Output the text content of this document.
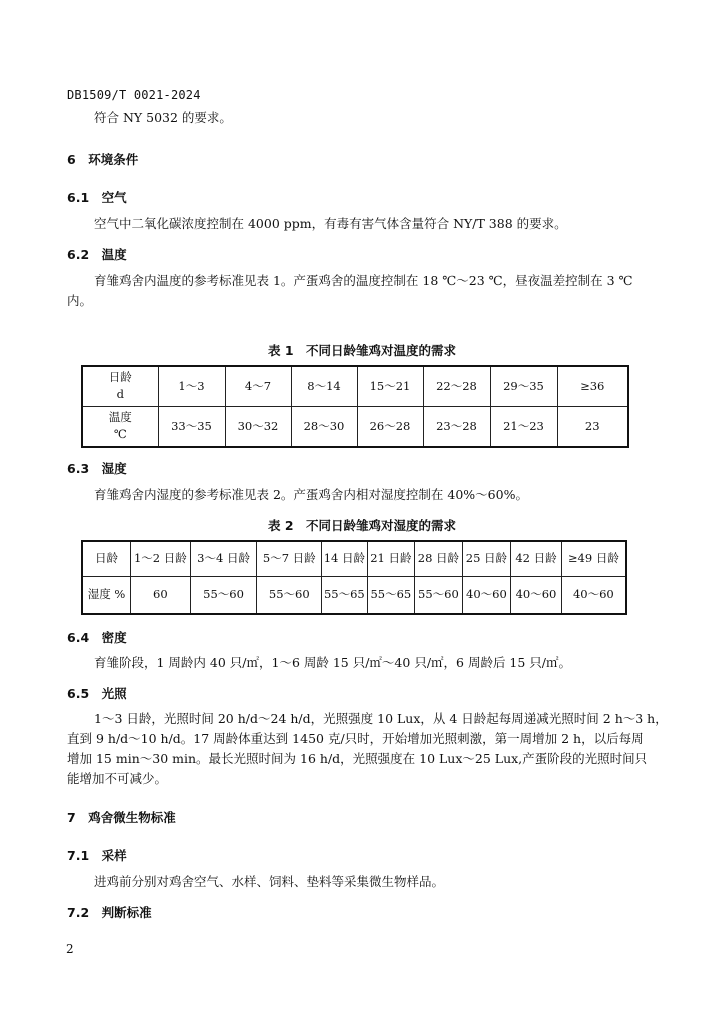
DB1509/T 0021-2024
符合 NY 5032 的要求。
6　环境条件
6.1　空气
空气中二氧化碳浓度控制在 4000 ppm，有毒有害气体含量符合 NY/T 388 的要求。
6.2　温度
育雏鸡舍内温度的参考标准见表 1。产蛋鸡舍的温度控制在 18 ℃～23 ℃，昼夜温差控制在 3 ℃
内。
表 1　不同日龄雏鸡对温度的需求
日龄
d	1～3	4～7	8～14	15～21	22～28	29～35	≥36
温度
℃	33～35	30～32	28～30	26～28	23～28	21～23	23
6.3　湿度
育雏鸡舍内湿度的参考标准见表 2。产蛋鸡舍内相对湿度控制在 40%～60%。
表 2　不同日龄雏鸡对湿度的需求
日龄	1～2 日龄	3～4 日龄	5～7 日龄	14 日龄	21 日龄	28 日龄	25 日龄	42 日龄	≥49 日龄
湿度 %	60	55～60	55～60	55～65	55～65	55～60	40～60	40～60	40～60
6.4　密度
育雏阶段，1 周龄内 40 只/㎡，1～6 周龄 15 只/㎡～40 只/㎡，6 周龄后 15 只/㎡。
6.5　光照
1～3 日龄，光照时间 20 h/d～24 h/d，光照强度 10 Lux，从 4 日龄起每周递减光照时间 2 h～3 h，
直到 9 h/d～10 h/d。17 周龄体重达到 1450 克/只时，开始增加光照刺激，第一周增加 2 h，以后每周
增加 15 min～30 min。最长光照时间为 16 h/d，光照强度在 10 Lux～25 Lux,产蛋阶段的光照时间只
能增加不可减少。
7　鸡舍微生物标准
7.1　采样
进鸡前分别对鸡舍空气、水样、饲料、垫料等采集微生物样品。
7.2　判断标准
2
